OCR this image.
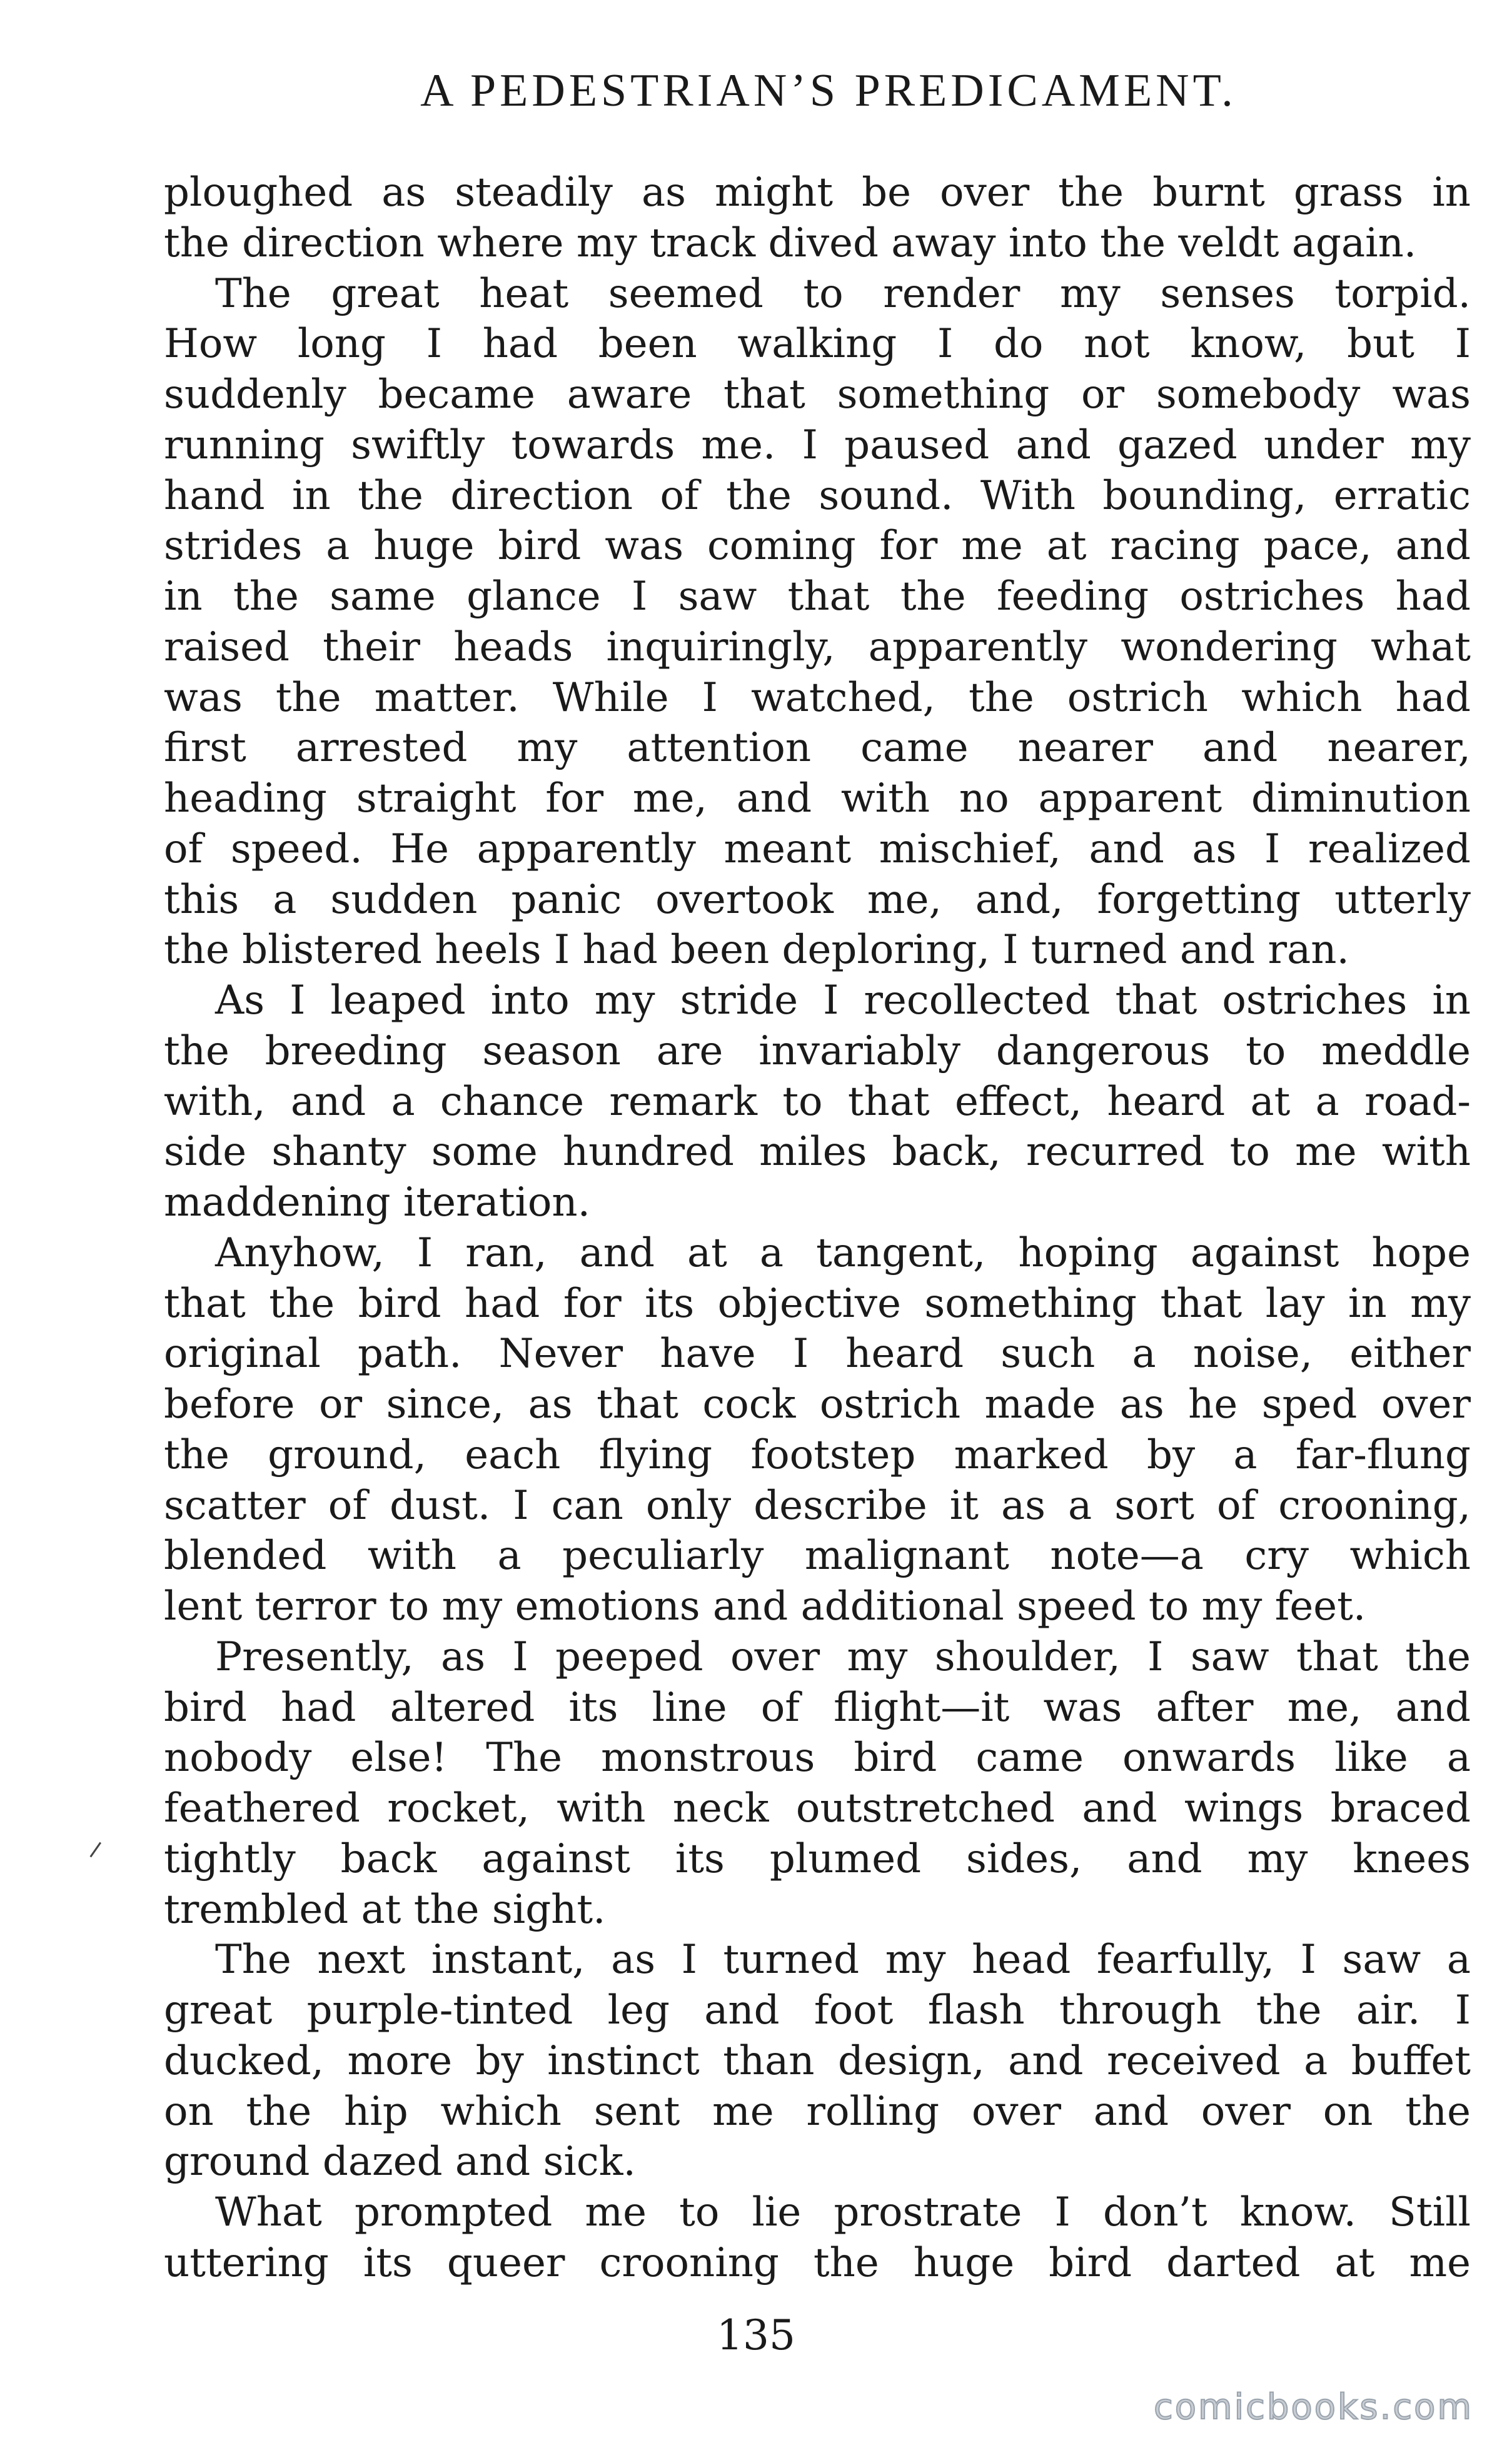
A PEDESTRIAN’S PREDICAMENT.
ploughed as steadily as might be over the burnt grass in
the direction where my track dived away into the veldt again.
The great heat seemed to render my senses torpid.
How long I had been walking I do not know, but I
suddenly became aware that something or somebody was
running swiftly towards me. I paused and gazed under my
hand in the direction of the sound. With bounding, erratic
strides a huge bird was coming for me at racing pace, and
in the same glance I saw that the feeding ostriches had
raised their heads inquiringly, apparently wondering what
was the matter. While I watched, the ostrich which had
first arrested my attention came nearer and nearer,
heading straight for me, and with no apparent diminution
of speed. He apparently meant mischief, and as I realized
this a sudden panic overtook me, and, forgetting utterly
the blistered heels I had been deploring, I turned and ran.
As I leaped into my stride I recollected that ostriches in
the breeding season are invariably dangerous to meddle
with, and a chance remark to that effect, heard at a road-
side shanty some hundred miles back, recurred to me with
maddening iteration.
Anyhow, I ran, and at a tangent, hoping against hope
that the bird had for its objective something that lay in my
original path. Never have I heard such a noise, either
before or since, as that cock ostrich made as he sped over
the ground, each flying footstep marked by a far-flung
scatter of dust. I can only describe it as a sort of crooning,
blended with a peculiarly malignant note—a cry which
lent terror to my emotions and additional speed to my feet.
Presently, as I peeped over my shoulder, I saw that the
bird had altered its line of flight—it was after me, and
nobody else! The monstrous bird came onwards like a
feathered rocket, with neck outstretched and wings braced
tightly back against its plumed sides, and my knees
trembled at the sight.
The next instant, as I turned my head fearfully, I saw a
great purple-tinted leg and foot flash through the air. I
ducked, more by instinct than design, and received a buffet
on the hip which sent me rolling over and over on the
ground dazed and sick.
What prompted me to lie prostrate I don’t know. Still
uttering its queer crooning the huge bird darted at me
135
comicbooks.com
